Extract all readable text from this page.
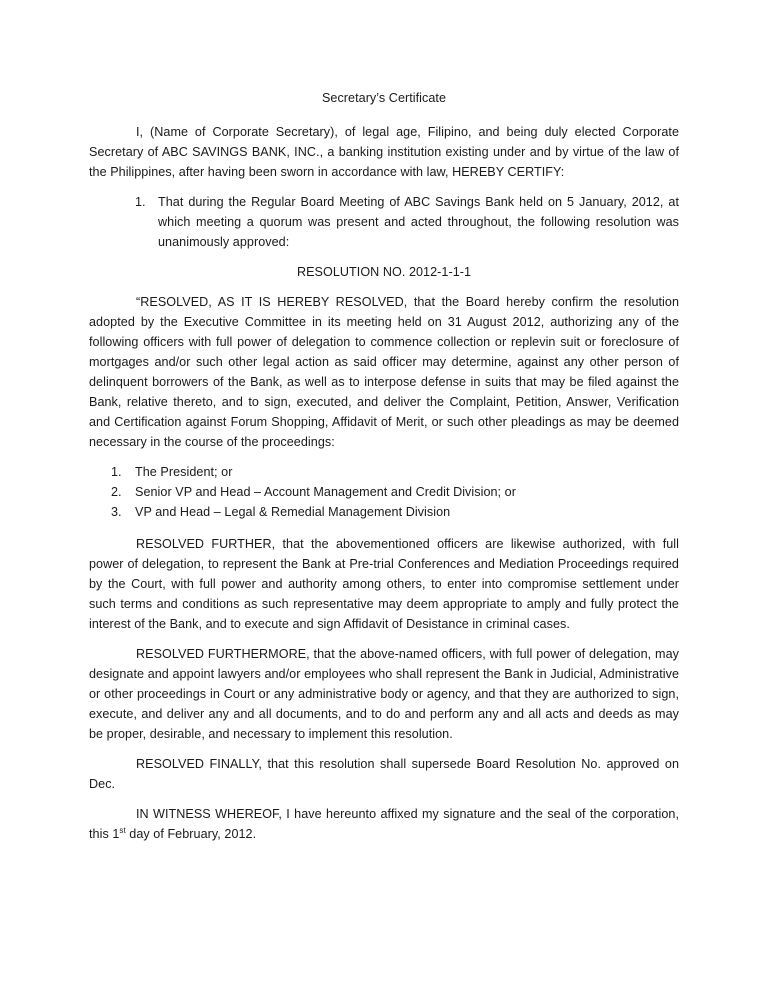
Secretary’s Certificate
I, (Name of Corporate Secretary), of legal age, Filipino, and being duly elected Corporate Secretary of ABC SAVINGS BANK, INC., a banking institution existing under and by virtue of the law of the Philippines, after having been sworn in accordance with law, HEREBY CERTIFY:
1. That during the Regular Board Meeting of ABC Savings Bank held on 5 January, 2012, at which meeting a quorum was present and acted throughout, the following resolution was unanimously approved:
RESOLUTION NO. 2012-1-1-1
“RESOLVED, AS IT IS HEREBY RESOLVED, that the Board hereby confirm the resolution adopted by the Executive Committee in its meeting held on 31 August 2012, authorizing any of the following officers with full power of delegation to commence collection or replevin suit or foreclosure of mortgages and/or such other legal action as said officer may determine, against any other person of delinquent borrowers of the Bank, as well as to interpose defense in suits that may be filed against the Bank, relative thereto, and to sign, executed, and deliver the Complaint, Petition, Answer, Verification and Certification against Forum Shopping, Affidavit of Merit, or such other pleadings as may be deemed necessary in the course of the proceedings:
1.	The President; or
2.	Senior VP and Head – Account Management and Credit Division; or
3.	VP and Head – Legal & Remedial Management Division
RESOLVED FURTHER, that the abovementioned officers are likewise authorized, with full power of delegation, to represent the Bank at Pre-trial Conferences and Mediation Proceedings required by the Court, with full power and authority among others, to enter into compromise settlement under such terms and conditions as such representative may deem appropriate to amply and fully protect the interest of the Bank, and to execute and sign Affidavit of Desistance in criminal cases.
RESOLVED FURTHERMORE, that the above-named officers, with full power of delegation, may designate and appoint lawyers and/or employees who shall represent the Bank in Judicial, Administrative or other proceedings in Court or any administrative body or agency, and that they are authorized to sign, execute, and deliver any and all documents, and to do and perform any and all acts and deeds as may be proper, desirable, and necessary to implement this resolution.
RESOLVED FINALLY, that this resolution shall supersede Board Resolution No. approved on Dec.
IN WITNESS WHEREOF, I have hereunto affixed my signature and the seal of the corporation, this 1st day of February, 2012.
